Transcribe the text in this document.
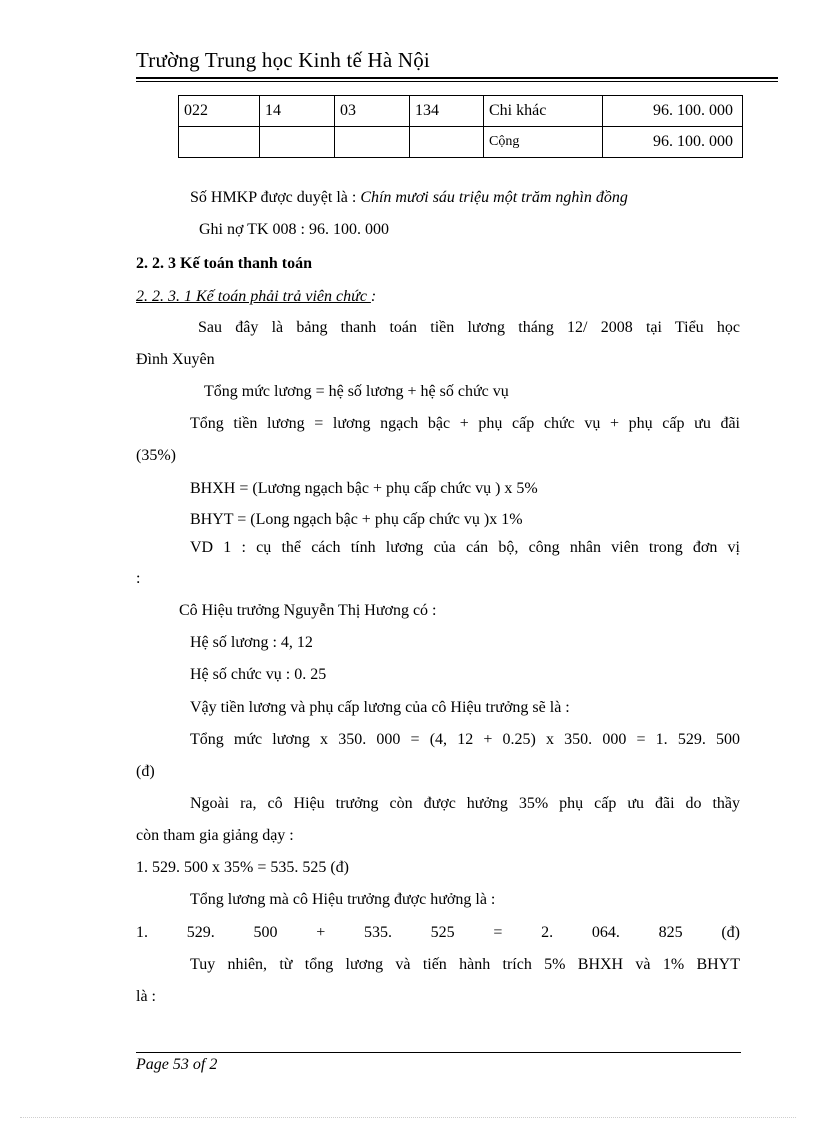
Trường Trung học Kinh tế Hà Nội
022	14	03	134	Chi khác	96. 100. 000
				Cộng	96. 100. 000
Số HMKP được duyệt là : Chín mươi sáu triệu một trăm nghìn đồng
Ghi nợ TK 008 : 96. 100. 000
2. 2. 3 Kế toán thanh toán
2. 2. 3. 1 Kế toán phải trả viên chức :
Sau đây là bảng thanh toán tiền lương tháng 12/ 2008 tại Tiểu học
Đình Xuyên
Tổng mức lương = hệ số lương + hệ số chức vụ
Tổng tiền lương = lương ngạch bậc + phụ cấp chức vụ + phụ cấp ưu đãi
(35%)
BHXH = (Lương ngạch bậc + phụ cấp chức vụ ) x 5%
BHYT = (Long ngạch bậc + phụ cấp chức vụ )x 1%
VD 1 : cụ thể cách tính lương của cán bộ, công nhân viên trong đơn vị
:
Cô Hiệu trưởng Nguyễn Thị Hương có :
Hệ số lương : 4, 12
Hệ số chức vụ : 0. 25
Vậy tiền lương và phụ cấp lương của cô Hiệu trưởng sẽ là :
Tổng mức lương x 350. 000 = (4, 12 + 0.25) x 350. 000 = 1. 529. 500
(đ)
Ngoài ra, cô Hiệu trưởng còn được hưởng 35% phụ cấp ưu đãi do thầy
còn tham gia giảng dạy :
1. 529. 500 x 35% = 535. 525 (đ)
Tổng lương mà cô Hiệu trưởng được hưởng là :
1. 529. 500 + 535. 525 = 2. 064. 825 (đ)
Tuy nhiên, từ tổng lương và tiến hành trích 5% BHXH và 1% BHYT
là :
Page 53 of 2
